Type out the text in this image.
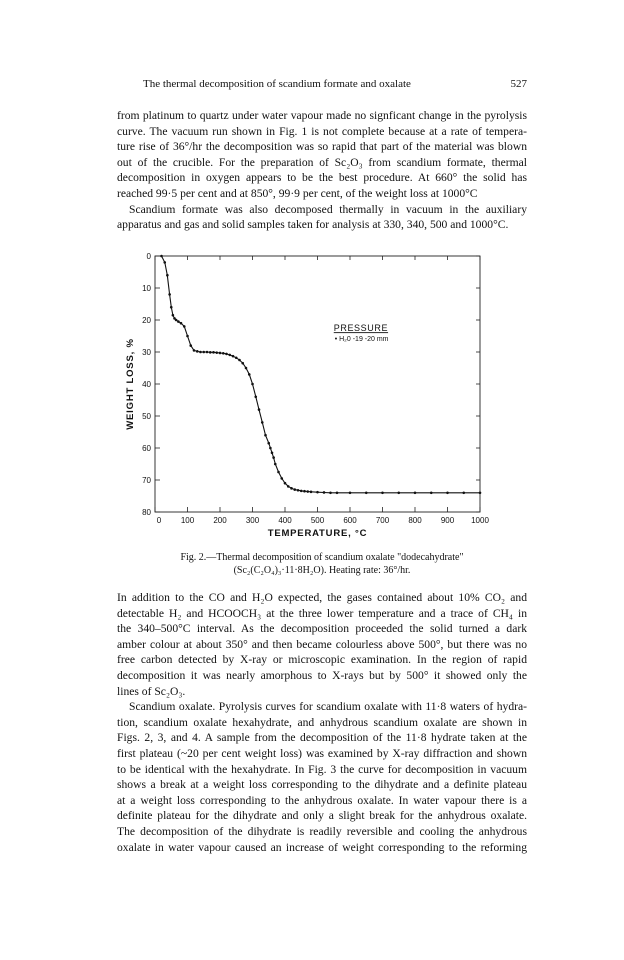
The thermal decomposition of scandium formate and oxalate	527
from platinum to quartz under water vapour made no signficant change in the pyrolysis
curve. The vacuum run shown in Fig. 1 is not complete because at a rate of tempera-
ture rise of 36°/hr the decomposition was so rapid that part of the material was blown
out of the crucible. For the preparation of Sc₂O₃ from scandium formate, thermal
decomposition in oxygen appears to be the best procedure. At 660° the solid has
reached 99·5 per cent and at 850°, 99·9 per cent, of the weight loss at 1000°C
Scandium formate was also decomposed thermally in vacuum in the auxiliary
apparatus and gas and solid samples taken for analysis at 330, 340, 500 and 1000°C.
100 200 300 400 500 600 700 800 900 1000
0
10
20
30
40
50
60
70
80
0
TEMPERATURE, °C
WEIGHT LOSS, %
PRESSURE
• H₂0 -19 -20 mm
Fig. 2.—Thermal decomposition of scandium oxalate "dodecahydrate"
(Sc₂(C₂O₄)₃·11·8H₂O). Heating rate: 36°/hr.
In addition to the CO and H₂O expected, the gases contained about 10% CO₂ and
detectable H₂ and HCOOCH₃ at the three lower temperature and a trace of CH₄ in
the 340–500°C interval. As the decomposition proceeded the solid turned a dark
amber colour at about 350° and then became colourless above 500°, but there was no
free carbon detected by X-ray or microscopic examination. In the region of rapid
decomposition it was nearly amorphous to X-rays but by 500° it showed only the
lines of Sc₂O₃.
Scandium oxalate. Pyrolysis curves for scandium oxalate with 11·8 waters of hydra-
tion, scandium oxalate hexahydrate, and anhydrous scandium oxalate are shown in
Figs. 2, 3, and 4. A sample from the decomposition of the 11·8 hydrate taken at the
first plateau (~20 per cent weight loss) was examined by X-ray diffraction and shown
to be identical with the hexahydrate. In Fig. 3 the curve for decomposition in vacuum
shows a break at a weight loss corresponding to the dihydrate and a definite plateau
at a weight loss corresponding to the anhydrous oxalate. In water vapour there is a
definite plateau for the dihydrate and only a slight break for the anhydrous oxalate.
The decomposition of the dihydrate is readily reversible and cooling the anhydrous
oxalate in water vapour caused an increase of weight corresponding to the reforming
